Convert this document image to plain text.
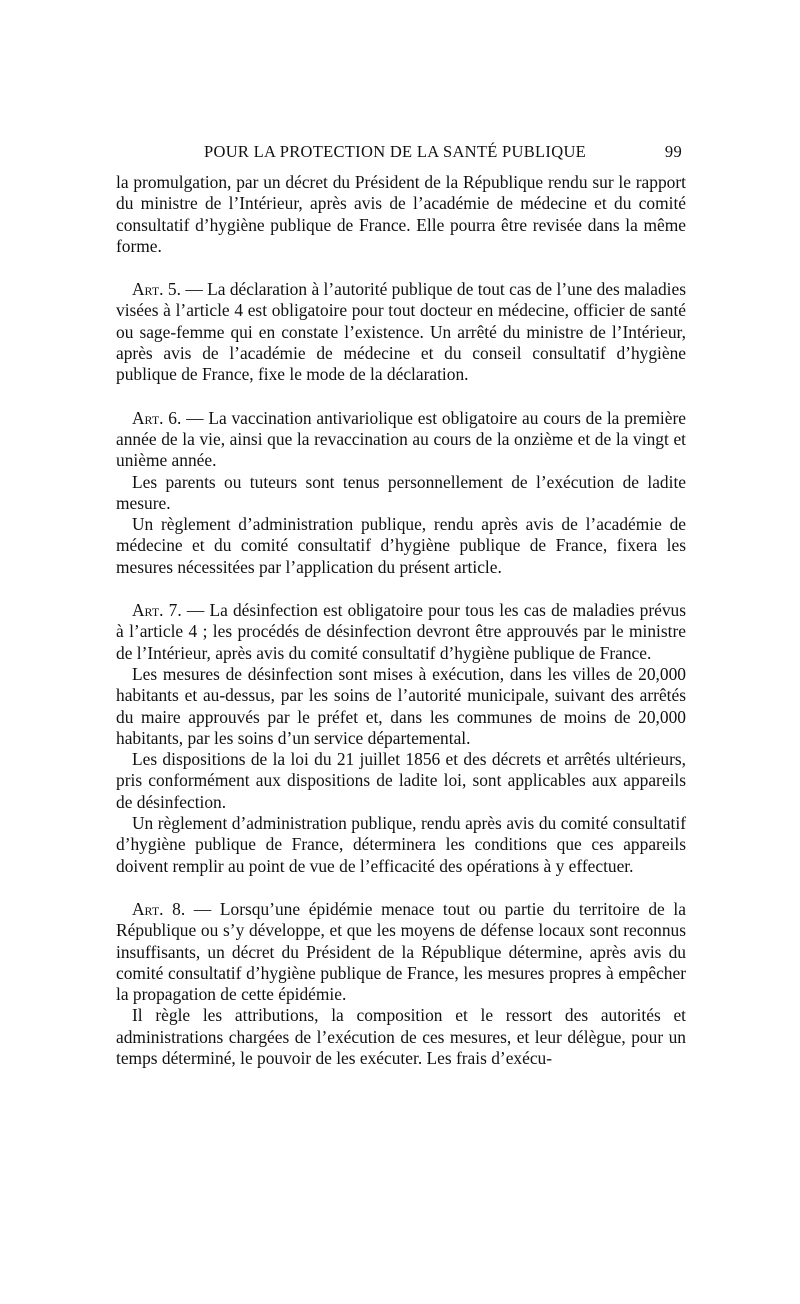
POUR LA PROTECTION DE LA SANTÉ PUBLIQUE	99

la promulgation, par un décret du Président de la République rendu sur le rapport du ministre de l’Intérieur, après avis de l’académie de médecine et du comité consultatif d’hygiène publique de France. Elle pourra être revisée dans la même forme.

Art. 5. — La déclaration à l’autorité publique de tout cas de l’une des maladies visées à l’article 4 est obligatoire pour tout docteur en médecine, officier de santé ou sage-femme qui en constate l’existence. Un arrêté du ministre de l’Intérieur, après avis de l’académie de médecine et du conseil consultatif d’hygiène publique de France, fixe le mode de la déclaration.

Art. 6. — La vaccination antivariolique est obligatoire au cours de la première année de la vie, ainsi que la revaccination au cours de la onzième et de la vingt et unième année.

Les parents ou tuteurs sont tenus personnellement de l’exécution de ladite mesure.

Un règlement d’administration publique, rendu après avis de l’académie de médecine et du comité consultatif d’hygiène publique de France, fixera les mesures nécessitées par l’application du présent article.

Art. 7. — La désinfection est obligatoire pour tous les cas de maladies prévus à l’article 4 ; les procédés de désinfection devront être approuvés par le ministre de l’Intérieur, après avis du comité consultatif d’hygiène publique de France.

Les mesures de désinfection sont mises à exécution, dans les villes de 20,000 habitants et au-dessus, par les soins de l’autorité municipale, suivant des arrêtés du maire approuvés par le préfet et, dans les communes de moins de 20,000 habitants, par les soins d’un service départemental.

Les dispositions de la loi du 21 juillet 1856 et des décrets et arrêtés ultérieurs, pris conformément aux dispositions de ladite loi, sont applicables aux appareils de désinfection.

Un règlement d’administration publique, rendu après avis du comité consultatif d’hygiène publique de France, déterminera les conditions que ces appareils doivent remplir au point de vue de l’efficacité des opérations à y effectuer.

Art. 8. — Lorsqu’une épidémie menace tout ou partie du territoire de la République ou s’y développe, et que les moyens de défense locaux sont reconnus insuffisants, un décret du Président de la République détermine, après avis du comité consultatif d’hygiène publique de France, les mesures propres à empêcher la propagation de cette épidémie.

Il règle les attributions, la composition et le ressort des autorités et administrations chargées de l’exécution de ces mesures, et leur délègue, pour un temps déterminé, le pouvoir de les exécuter. Les frais d’exécu-
